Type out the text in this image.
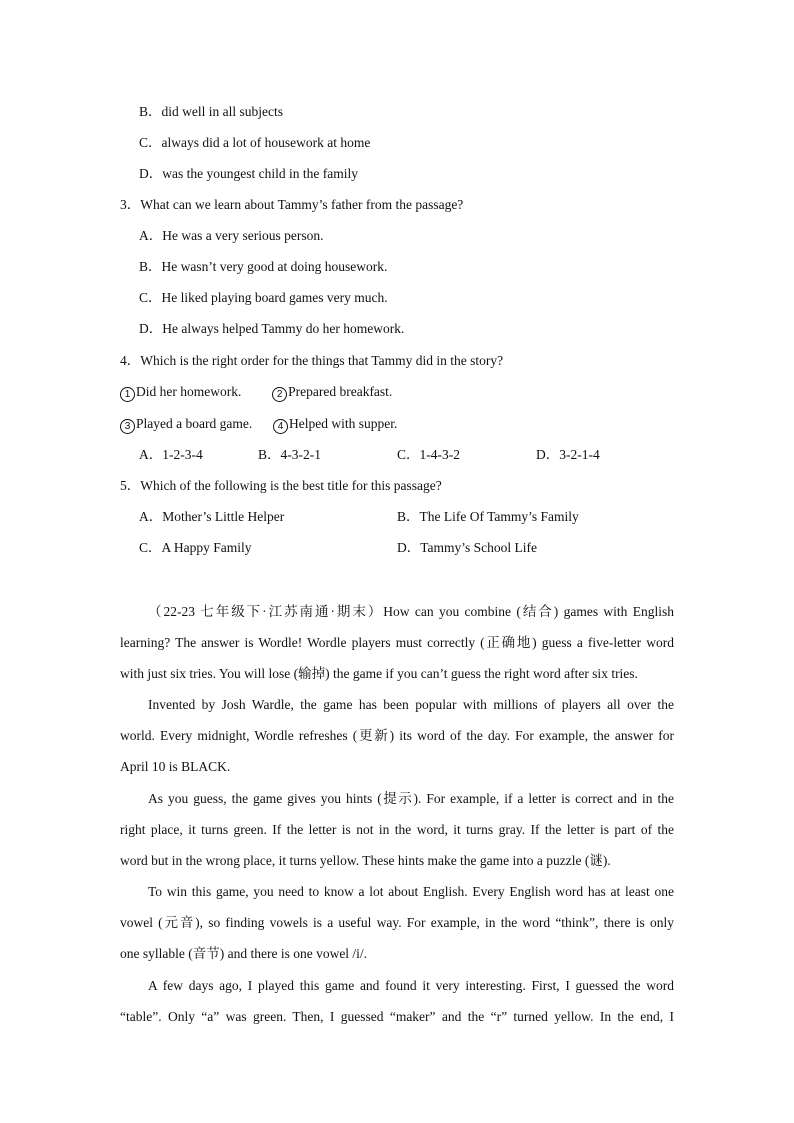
B．did well in all subjects
C．always did a lot of housework at home
D．was the youngest child in the family
3．What can we learn about Tammy’s father from the passage?
A．He was a very serious person.
B．He wasn’t very good at doing housework.
C．He liked playing board games very much.
D．He always helped Tammy do her homework.
4．Which is the right order for the things that Tammy did in the story?
1 Did her homework.	2 Prepared breakfast.
3 Played a board game.	4 Helped with supper.
A．1-2-3-4	B．4-3-2-1	C．1-4-3-2	D．3-2-1-4
5．Which of the following is the best title for this passage?
A．Mother’s Little Helper	B．The Life Of Tammy’s Family
C．A Happy Family	D．Tammy’s School Life
（22-23 七年级下·江苏南通·期末）How can you combine (结合) games with English
learning? The answer is Wordle! Wordle players must correctly (正确地) guess a five-letter word
with just six tries. You will lose (输掉) the game if you can’t guess the right word after six tries.
Invented by Josh Wardle, the game has been popular with millions of players all over the
world. Every midnight, Wordle refreshes (更新) its word of the day. For example, the answer for
April 10 is BLACK.
As you guess, the game gives you hints (提示). For example, if a letter is correct and in the
right place, it turns green. If the letter is not in the word, it turns gray. If the letter is part of the
word but in the wrong place, it turns yellow. These hints make the game into a puzzle (谜).
To win this game, you need to know a lot about English. Every English word has at least one
vowel (元音), so finding vowels is a useful way. For example, in the word “think”, there is only
one syllable (音节) and there is one vowel /i/.
A few days ago, I played this game and found it very interesting. First, I guessed the word
“table”. Only “a” was green. Then, I guessed “maker” and the “r” turned yellow. In the end, I
